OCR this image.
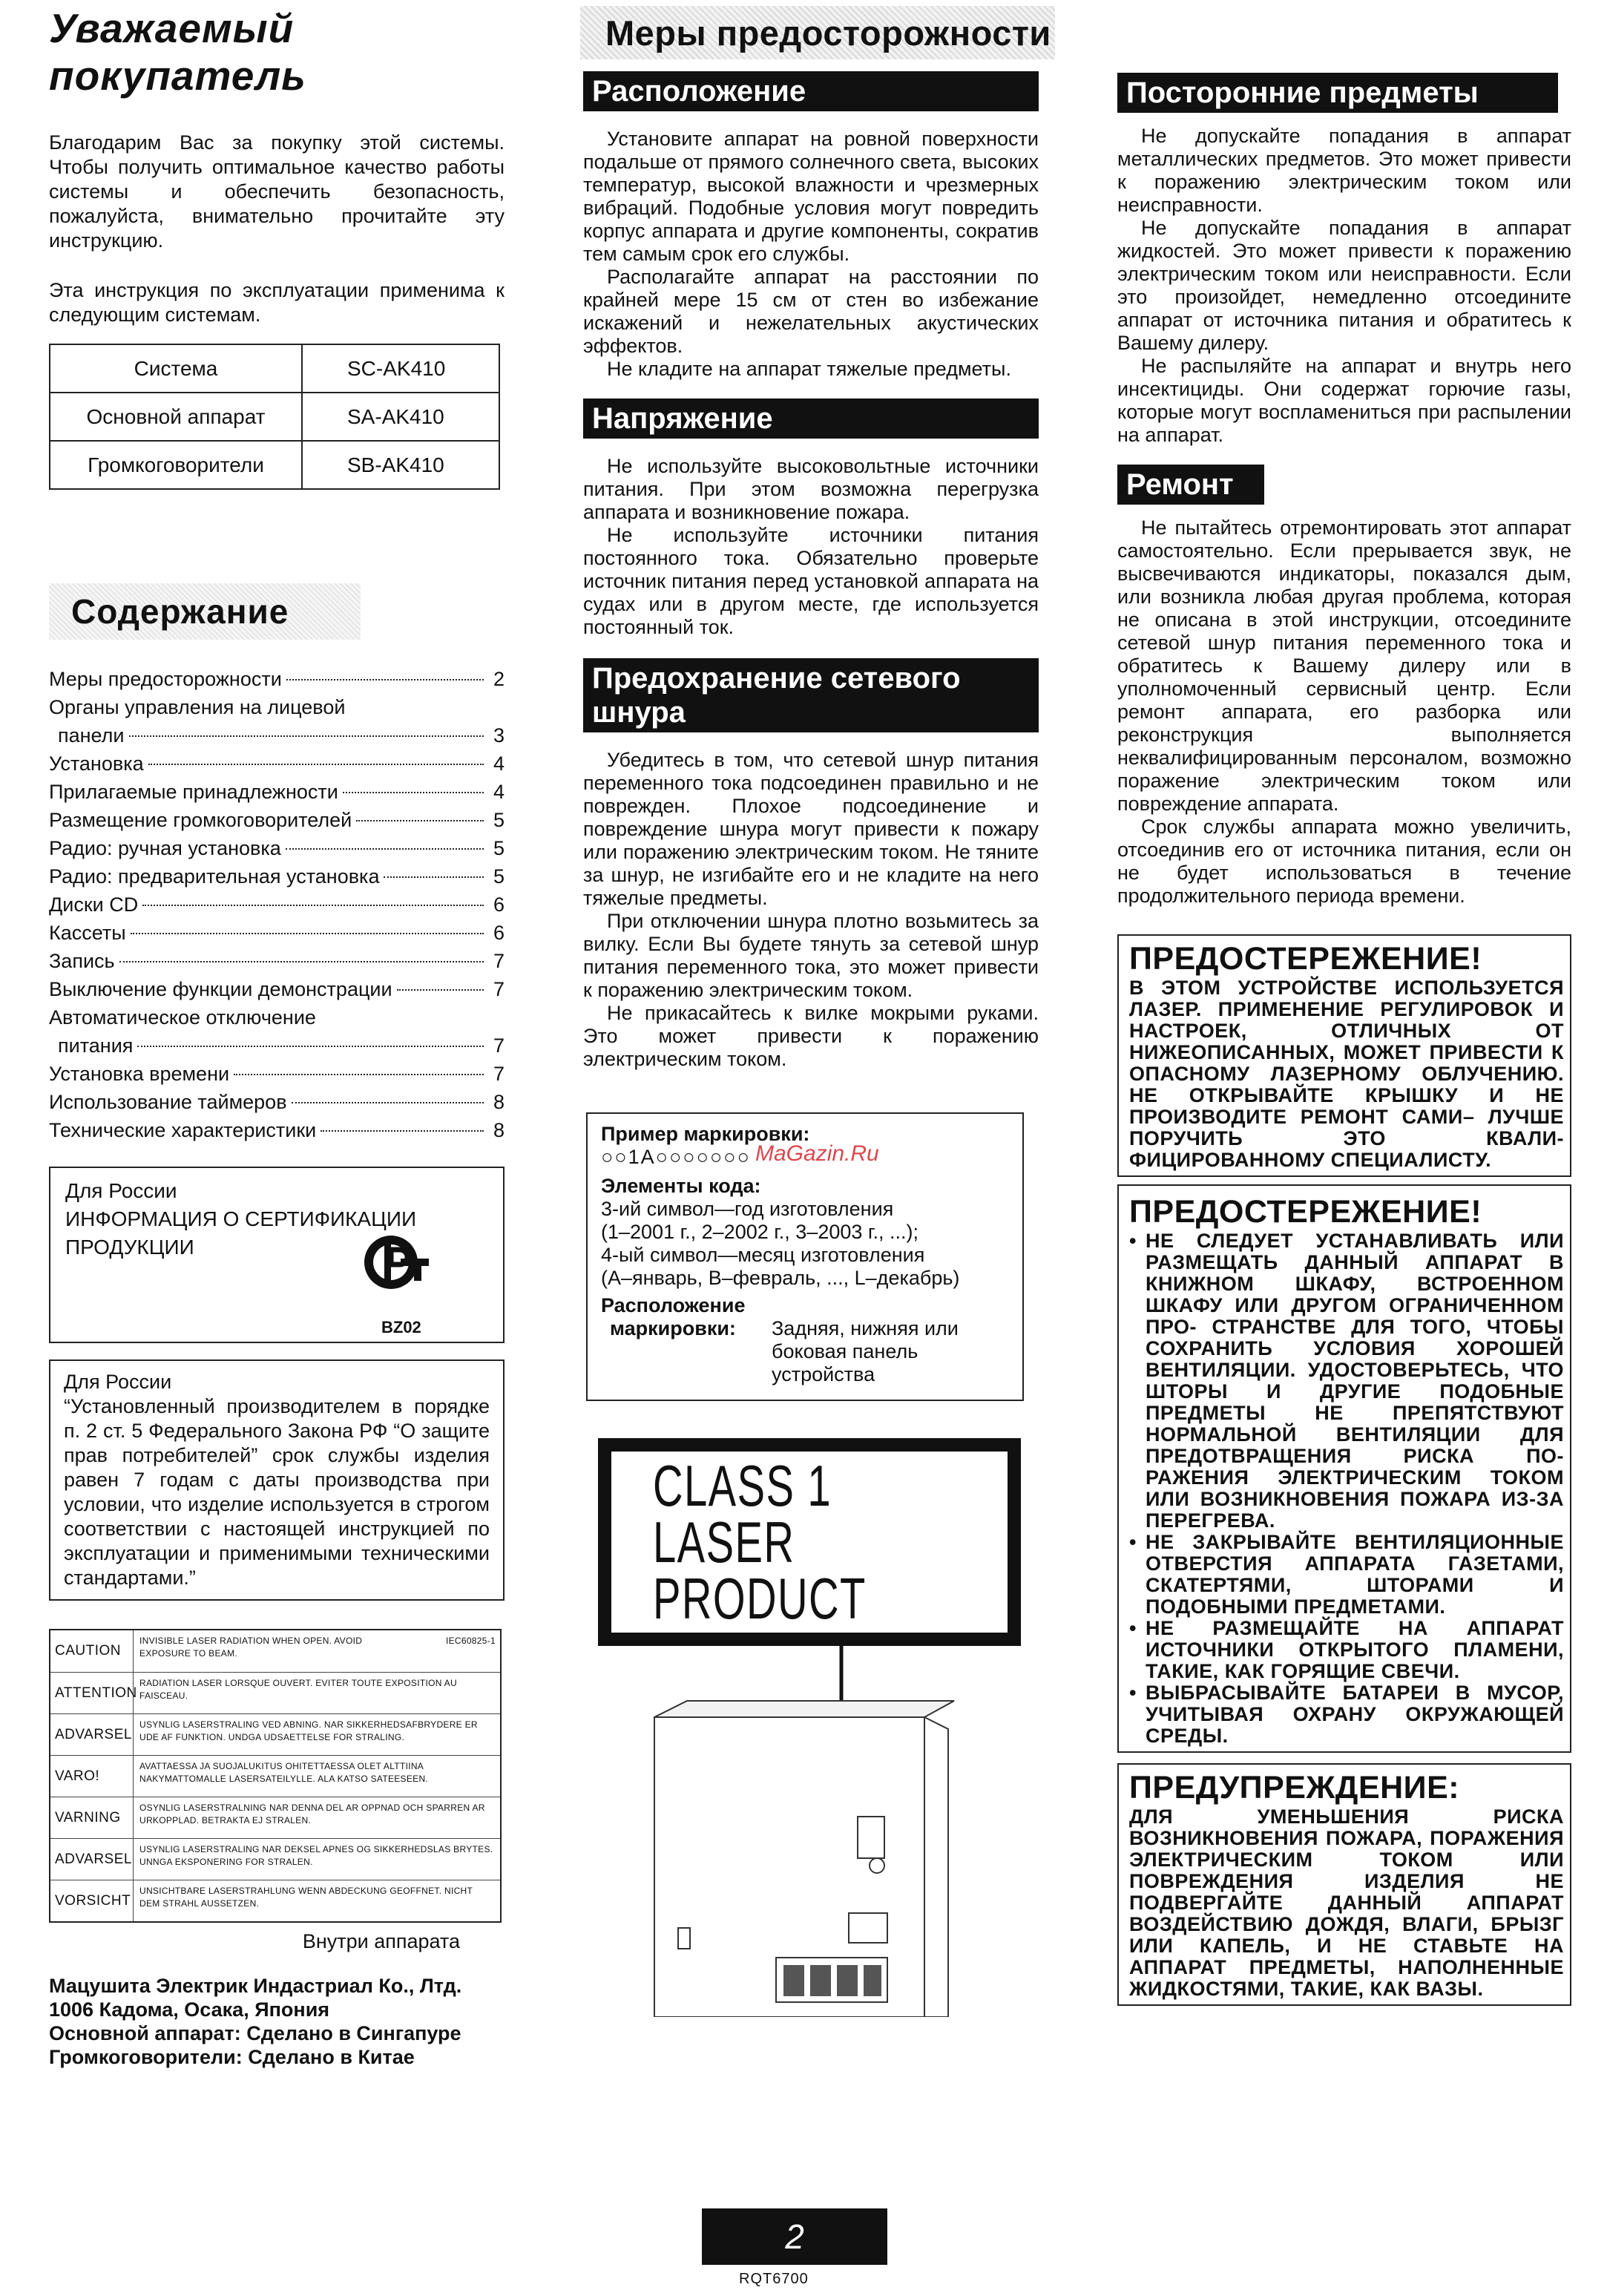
Уважаемый
покупатель

Благодарим Вас за покупку этой системы. Чтобы получить оптимальное качество работы системы и обеспечить безопасность, пожалуйста, внимательно прочитайте эту инструкцию.

Эта инструкция по эксплуатации применима к следующим системам.

Система	SC-AK410
Основной аппарат	SA-AK410
Громкоговорители	SB-AK410
Содержание
Меры предосторожности	2
Органы управления на лицевой
панели	3
Установка	4
Прилагаемые принадлежности	4
Размещение громкоговорителей	5
Радио: ручная установка	5
Радио: предварительная установка	5
Диски CD	6
Кассеты	6
Запись	7
Выключение функции демонстрации	7
Автоматическое отключение
питания	7
Установка времени	7
Использование таймеров	8
Технические характеристики	8
Для России
ИНФОРМАЦИЯ О СЕРТИФИКАЦИИ
ПРОДУКЦИИ
BZ02
Для России

“Установленный производителем в порядке п. 2 ст. 5 Федерального Закона РФ “О защите прав потребителей” срок службы изделия равен 7 годам с даты производства при условии, что изделие используется в строгом соответствии с настоящей инструкцией по эксплуатации и применимыми техническими стандартами.”

CAUTION
INVISIBLE LASER RADIATION WHEN OPEN. AVOID EXPOSURE TO BEAM.
IEC60825-1
ATTENTION
RADIATION LASER LORSQUE OUVERT. EVITER TOUTE EXPOSITION AU FAISCEAU.
ADVARSEL
USYNLIG LASERSTRALING VED ABNING. NAR SIKKERHEDSAFBRYDERE ER UDE AF FUNKTION. UNDGA UDSAETTELSE FOR STRALING.
VARO!
AVATTAESSA JA SUOJALUKITUS OHITETTAESSA OLET ALTTIINA NAKYMATTOMALLE LASERSATEILYLLE. ALA KATSO SATEESEEN.
VARNING
OSYNLIG LASERSTRALNING NAR DENNA DEL AR OPPNAD OCH SPARREN AR URKOPPLAD. BETRAKTA EJ STRALEN.
ADVARSEL
USYNLIG LASERSTRALING NAR DEKSEL APNES OG SIKKERHEDSLAS BRYTES. UNNGA EKSPONERING FOR STRALEN.
VORSICHT
UNSICHTBARE LASERSTRAHLUNG WENN ABDECKUNG GEOFFNET. NICHT DEM STRAHL AUSSETZEN.
Внутри аппарата
Мацушита Электрик Индастриал Ко., Лтд.
1006 Кадома, Осака, Япония
Основной аппарат: Сделано в Сингапуре
Громкоговорители: Сделано в Китае
Меры предосторожности
Расположение

Установите аппарат на ровной поверхности подальше от прямого солнечного света, высоких температур, высокой влажности и чрезмерных вибраций. Подобные условия могут повредить корпус аппарата и другие компоненты, сократив тем самым срок его службы.

Располагайте аппарат на расстоянии по крайней мере 15 см от стен во избежание искажений и нежелательных акустических эффектов.

Не кладите на аппарат тяжелые предметы.

Напряжение

Не используйте высоковольтные источники питания. При этом возможна перегрузка аппарата и возникновение пожара.

Не используйте источники питания постоянного тока. Обязательно проверьте источник питания перед установкой аппарата на судах или в другом месте, где используется постоянный ток.

Предохранение сетевого
шнура

Убедитесь в том, что сетевой шнур питания переменного тока подсоединен правильно и не поврежден. Плохое подсоединение и повреждение шнура могут привести к пожару или поражению электрическим током. Не тяните за шнур, не изгибайте его и не кладите на него тяжелые предметы.

При отключении шнура плотно возьмитесь за вилку. Если Вы будете тянуть за сетевой шнур питания переменного тока, это может привести к поражению электрическим током.

Не прикасайтесь к вилке мокрыми руками. Это может привести к поражению электрическим током.

Пример маркировки:
○○1A○○○○○○○
Элементы кода:
3-ий символ—год изготовления
(1–2001 г., 2–2002 г., 3–2003 г., ...);
4-ый символ—месяц изготовления
(A–январь, B–февраль, ..., L–декабрь)
Расположение
маркировки:	Задняя, нижняя или боковая панель устройства
CLASS 1
LASER PRODUCT
MaGazin.Ru
2
RQT6700
Посторонние предметы

Не допускайте попадания в аппарат металлических предметов. Это может привести к поражению электрическим током или неисправности.

Не допускайте попадания в аппарат жидкостей. Это может привести к поражению электрическим током или неисправности. Если это произойдет, немедленно отсоедините аппарат от источника питания и обратитесь к Вашему дилеру.

Не распыляйте на аппарат и внутрь него инсектициды. Они содержат горючие газы, которые могут воспламениться при распылении на аппарат.

Ремонт

Не пытайтесь отремонтировать этот аппарат самостоятельно. Если прерывается звук, не высвечиваются индикаторы, показался дым, или возникла любая другая проблема, которая не описана в этой инструкции, отсоедините сетевой шнур питания переменного тока и обратитесь к Вашему дилеру или в уполномоченный сервисный центр. Если ремонт аппарата, его разборка или реконструкция выполняется неквалифицированным персоналом, возможно поражение электрическим током или повреждение аппарата.

Срок службы аппарата можно увеличить, отсоединив его от источника питания, если он не будет использоваться в течение продолжительного периода времени.

ПРЕДОСТЕРЕЖЕНИЕ!
В ЭТОМ УСТРОЙСТВЕ ИСПОЛЬЗУЕТСЯ ЛАЗЕР. ПРИМЕНЕНИЕ РЕГУЛИРОВОК И НАСТРОЕК, ОТЛИЧНЫХ ОТ НИЖЕОПИСАННЫХ, МОЖЕТ ПРИВЕСТИ К ОПАСНОМУ ЛАЗЕРНОМУ ОБЛУЧЕНИЮ. НЕ ОТКРЫВАЙТЕ КРЫШКУ И НЕ ПРОИЗВОДИТЕ РЕМОНТ САМИ– ЛУЧШЕ ПОРУЧИТЬ ЭТО КВАЛИ- ФИЦИРОВАННОМУ СПЕЦИАЛИСТУ.
ПРЕДОСТЕРЕЖЕНИЕ!
• НЕ СЛЕДУЕТ УСТАНАВЛИВАТЬ ИЛИ РАЗМЕЩАТЬ ДАННЫЙ АППАРАТ В КНИЖНОМ ШКАФУ, ВСТРОЕННОМ ШКАФУ ИЛИ ДРУГОМ ОГРАНИЧЕННОМ ПРО- СТРАНСТВЕ ДЛЯ ТОГО, ЧТОБЫ СОХРАНИТЬ УСЛОВИЯ ХОРОШЕЙ ВЕНТИЛЯЦИИ. УДОСТОВЕРЬТЕСЬ, ЧТО ШТОРЫ И ДРУГИЕ ПОДОБНЫЕ ПРЕДМЕТЫ НЕ ПРЕПЯТСТВУЮТ НОРМАЛЬНОЙ ВЕНТИЛЯЦИИ ДЛЯ ПРЕДОТВРАЩЕНИЯ РИСКА ПО- РАЖЕНИЯ ЭЛЕКТРИЧЕСКИМ ТОКОМ ИЛИ ВОЗНИКНОВЕНИЯ ПОЖАРА ИЗ-ЗА ПЕРЕГРЕВА.
• НЕ ЗАКРЫВАЙТЕ ВЕНТИЛЯЦИОННЫЕ ОТВЕРСТИЯ АППАРАТА ГАЗЕТАМИ, СКАТЕРТЯМИ, ШТОРАМИ И ПОДОБНЫМИ ПРЕДМЕТАМИ.
• НЕ РАЗМЕЩАЙТЕ НА АППАРАТ ИСТОЧНИКИ ОТКРЫТОГО ПЛАМЕНИ, ТАКИЕ, КАК ГОРЯЩИЕ СВЕЧИ.
• ВЫБРАСЫВАЙТЕ БАТАРЕИ В МУСОР, УЧИТЫВАЯ ОХРАНУ ОКРУЖАЮЩЕЙ СРЕДЫ.
ПРЕДУПРЕЖДЕНИЕ:
ДЛЯ УМЕНЬШЕНИЯ РИСКА ВОЗНИКНОВЕНИЯ ПОЖАРА, ПОРАЖЕНИЯ ЭЛЕКТРИЧЕСКИМ ТОКОМ ИЛИ ПОВРЕЖДЕНИЯ ИЗДЕЛИЯ НЕ ПОДВЕРГАЙТЕ ДАННЫЙ АППАРАТ ВОЗДЕЙСТВИЮ ДОЖДЯ, ВЛАГИ, БРЫЗГ ИЛИ КАПЕЛЬ, И НЕ СТАВЬТЕ НА АППАРАТ ПРЕДМЕТЫ, НАПОЛНЕННЫЕ ЖИДКОСТЯМИ, ТАКИЕ, КАК ВАЗЫ.
